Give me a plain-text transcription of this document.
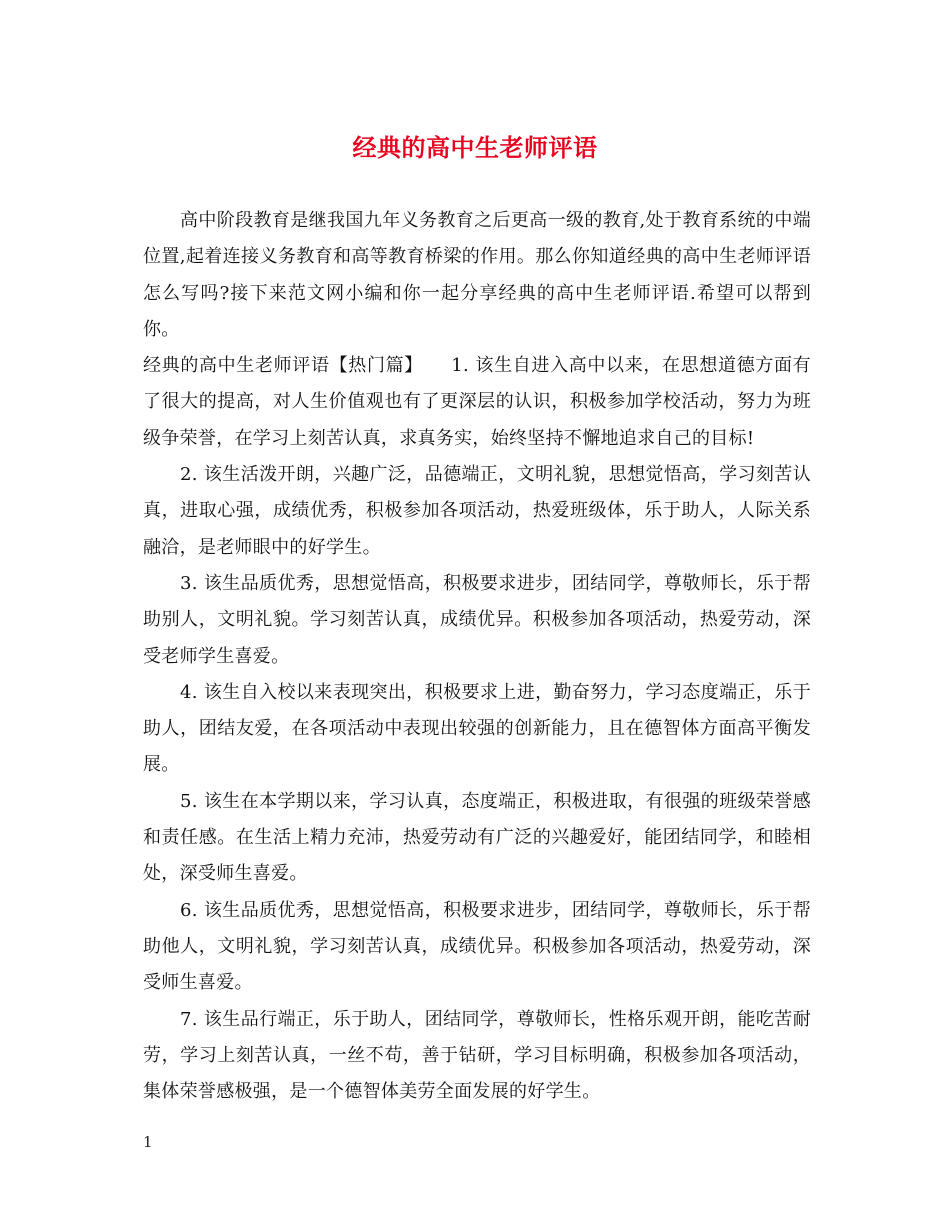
经典的高中生老师评语

高中阶段教育是继我国九年义务教育之后更高一级的教育,处于教育系统的中端位置,起着连接义务教育和高等教育桥梁的作用。那么你知道经典的高中生老师评语怎么写吗?接下来范文网小编和你一起分享经典的高中生老师评语.希望可以帮到你。

经典的高中生老师评语【热门篇】　　 1. 该生自进入高中以来，在思想道德方面有了很大的提高，对人生价值观也有了更深层的认识，积极参加学校活动，努力为班级争荣誉，在学习上刻苦认真，求真务实，始终坚持不懈地追求自己的目标!

2. 该生活泼开朗，兴趣广泛，品德端正，文明礼貌，思想觉悟高，学习刻苦认真，进取心强，成绩优秀，积极参加各项活动，热爱班级体，乐于助人，人际关系融洽，是老师眼中的好学生。

3. 该生品质优秀，思想觉悟高，积极要求进步，团结同学，尊敬师长，乐于帮助别人，文明礼貌。学习刻苦认真，成绩优异。积极参加各项活动，热爱劳动，深受老师学生喜爱。

4. 该生自入校以来表现突出，积极要求上进，勤奋努力，学习态度端正，乐于助人，团结友爱，在各项活动中表现出较强的创新能力，且在德智体方面高平衡发展。

5. 该生在本学期以来，学习认真，态度端正，积极进取，有很强的班级荣誉感和责任感。在生活上精力充沛，热爱劳动有广泛的兴趣爱好，能团结同学，和睦相处，深受师生喜爱。

6. 该生品质优秀，思想觉悟高，积极要求进步，团结同学，尊敬师长，乐于帮助他人，文明礼貌，学习刻苦认真，成绩优异。积极参加各项活动，热爱劳动，深受师生喜爱。

7. 该生品行端正，乐于助人，团结同学，尊敬师长，性格乐观开朗，能吃苦耐劳，学习上刻苦认真，一丝不苟，善于钻研，学习目标明确，积极参加各项活动，集体荣誉感极强，是一个德智体美劳全面发展的好学生。

1
